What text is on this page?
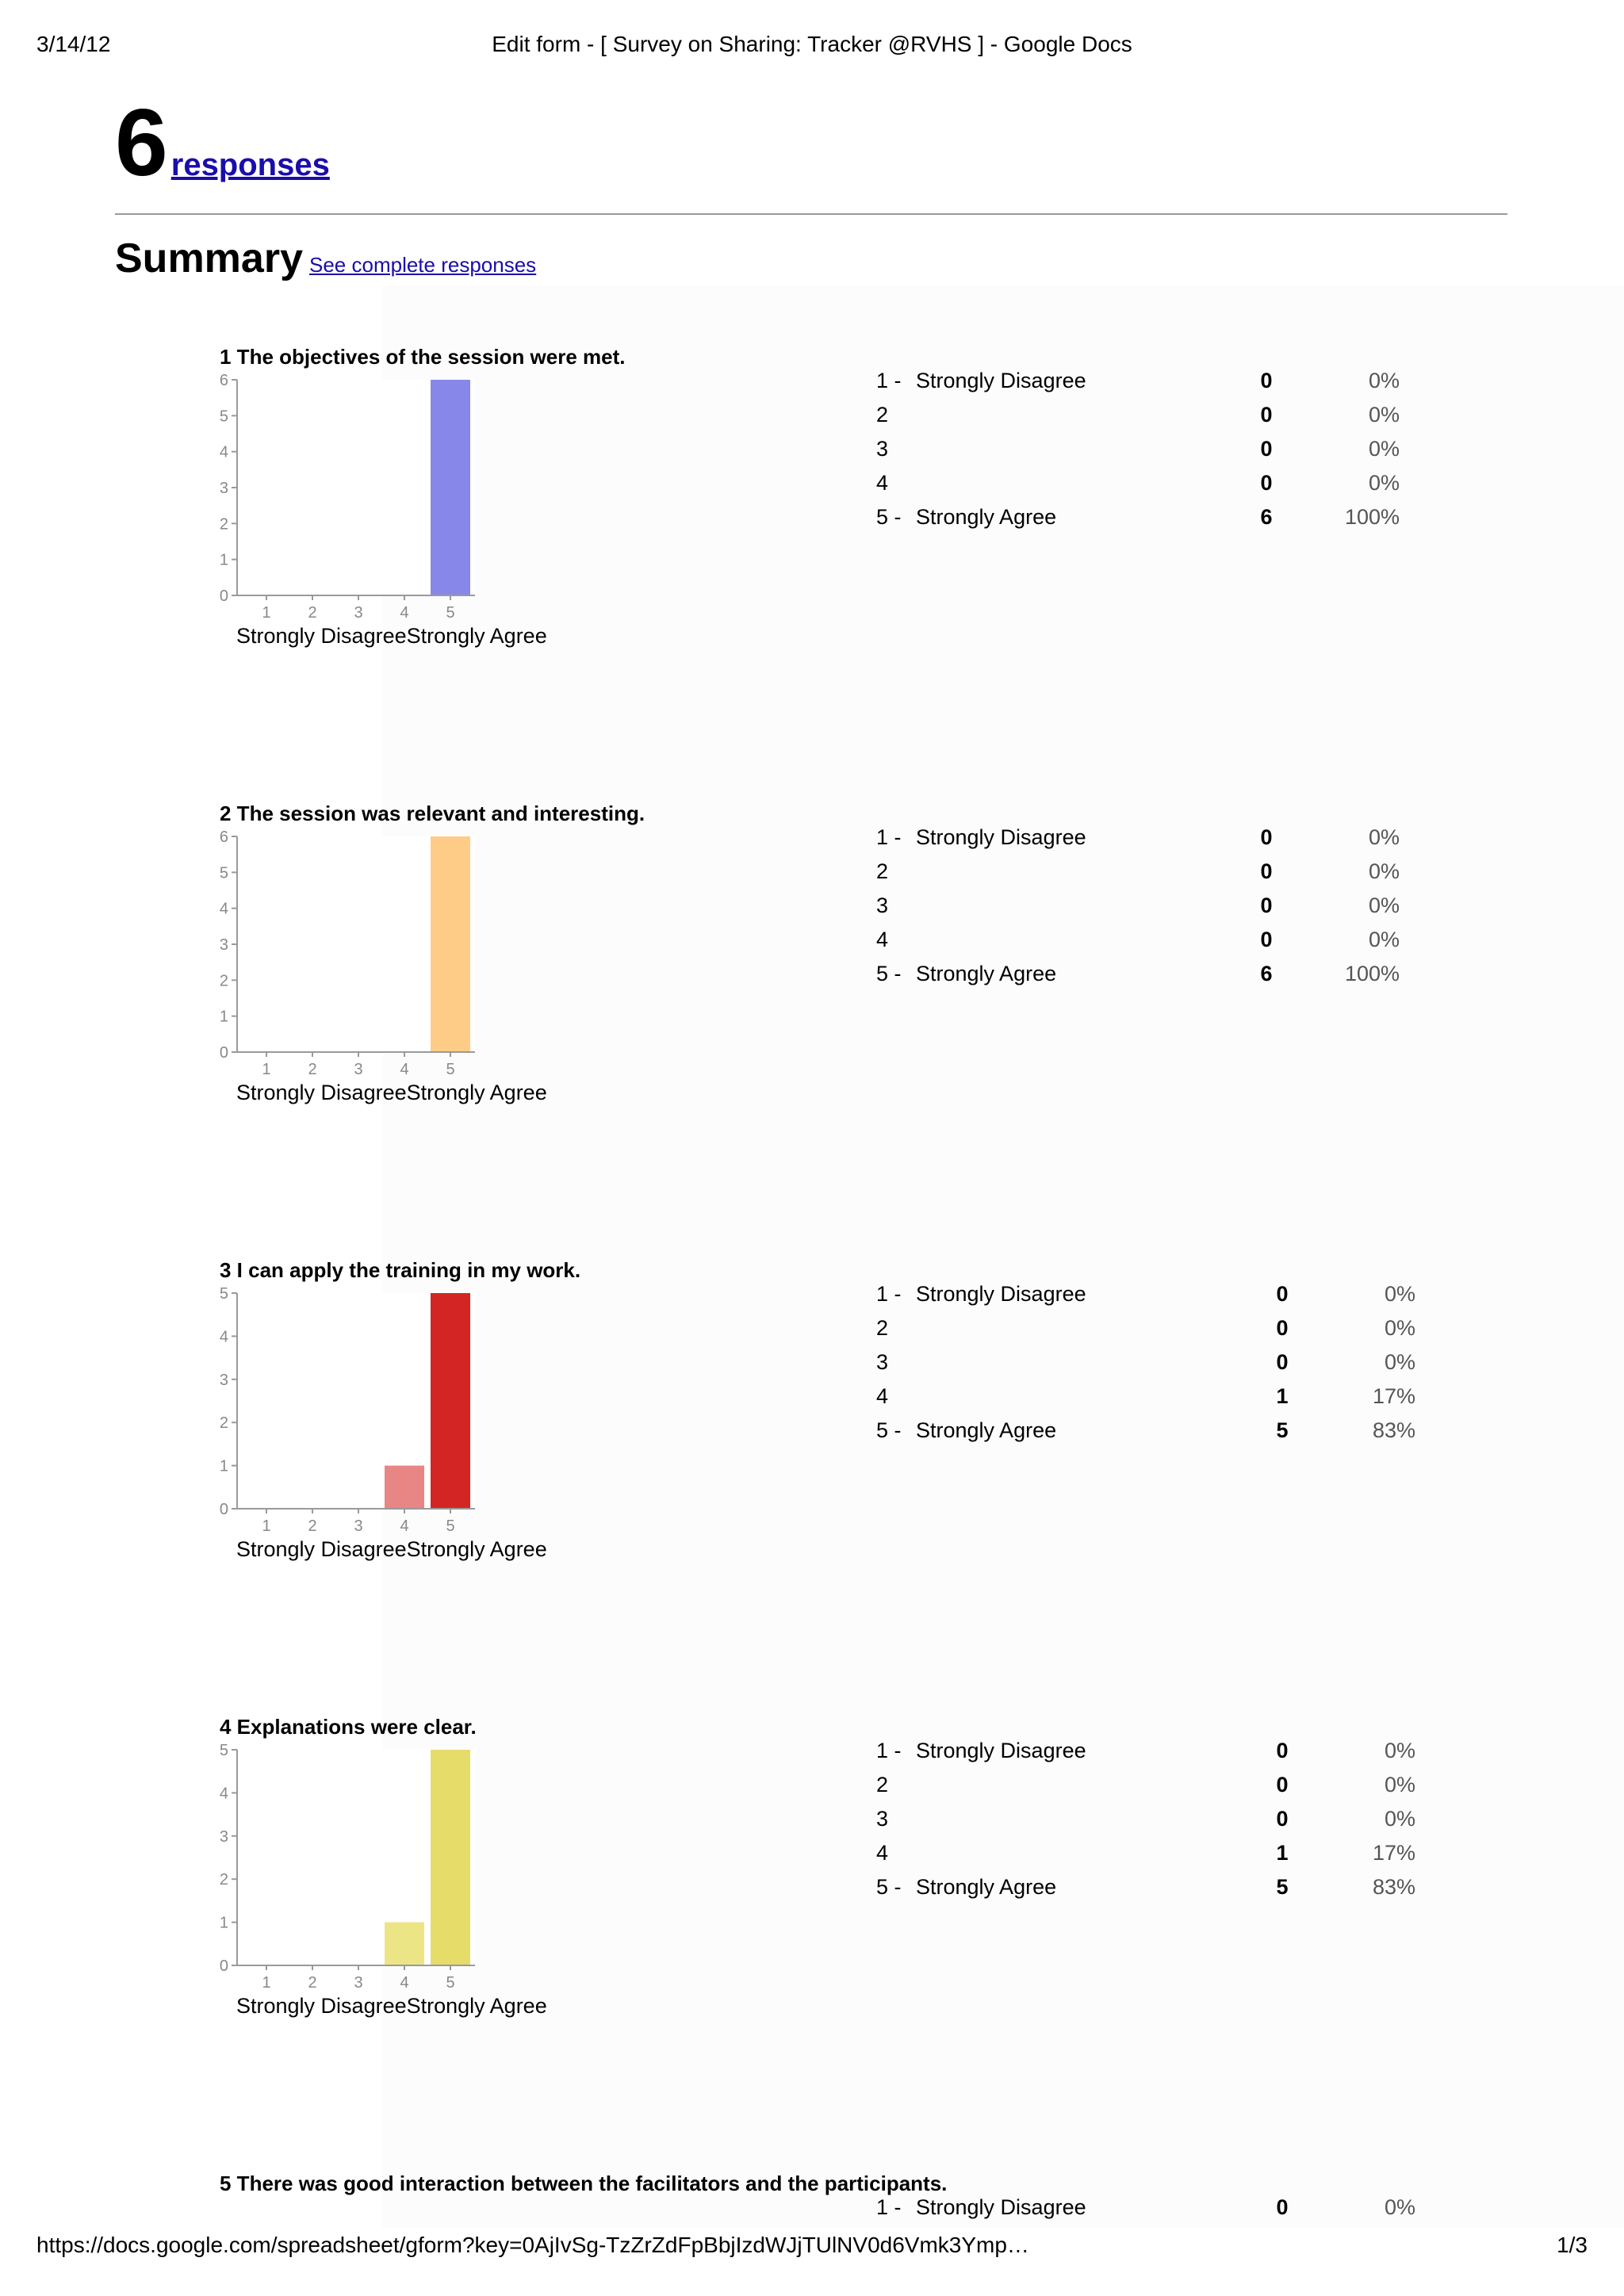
3/14/12	Edit form - [ Survey on Sharing: Tracker @RVHS ] - Google Docs
6 responses
Summary See complete responses
1 The objectives of the session were met.
0
1
2
3
4
5
6
1 2 3 4 5
Strongly DisagreeStrongly Agree
1 -	Strongly Disagree	0	0%
2		0	0%
3		0	0%
4		0	0%
5 -	Strongly Agree	6	100%
2 The session was relevant and interesting.
0
1
2
3
4
5
6
1 2 3 4 5
Strongly DisagreeStrongly Agree
1 -	Strongly Disagree	0	0%
2		0	0%
3		0	0%
4		0	0%
5 -	Strongly Agree	6	100%
3 I can apply the training in my work.
0
1
2
3
4
5
1 2 3 4 5
Strongly DisagreeStrongly Agree
1 -	Strongly Disagree	0	0%
2		0	0%
3		0	0%
4		1	17%
5 -	Strongly Agree	5	83%
4 Explanations were clear.
0
1
2
3
4
5
1 2 3 4 5
Strongly DisagreeStrongly Agree
1 -	Strongly Disagree	0	0%
2		0	0%
3		0	0%
4		1	17%
5 -	Strongly Agree	5	83%
5 There was good interaction between the facilitators and the participants.
1 -	Strongly Disagree	0	0%
https://docs.google.com/spreadsheet/gform?key=0AjIvSg-TzZrZdFpBbjIzdWJjTUlNV0d6Vmk3Ymp…	1/3
